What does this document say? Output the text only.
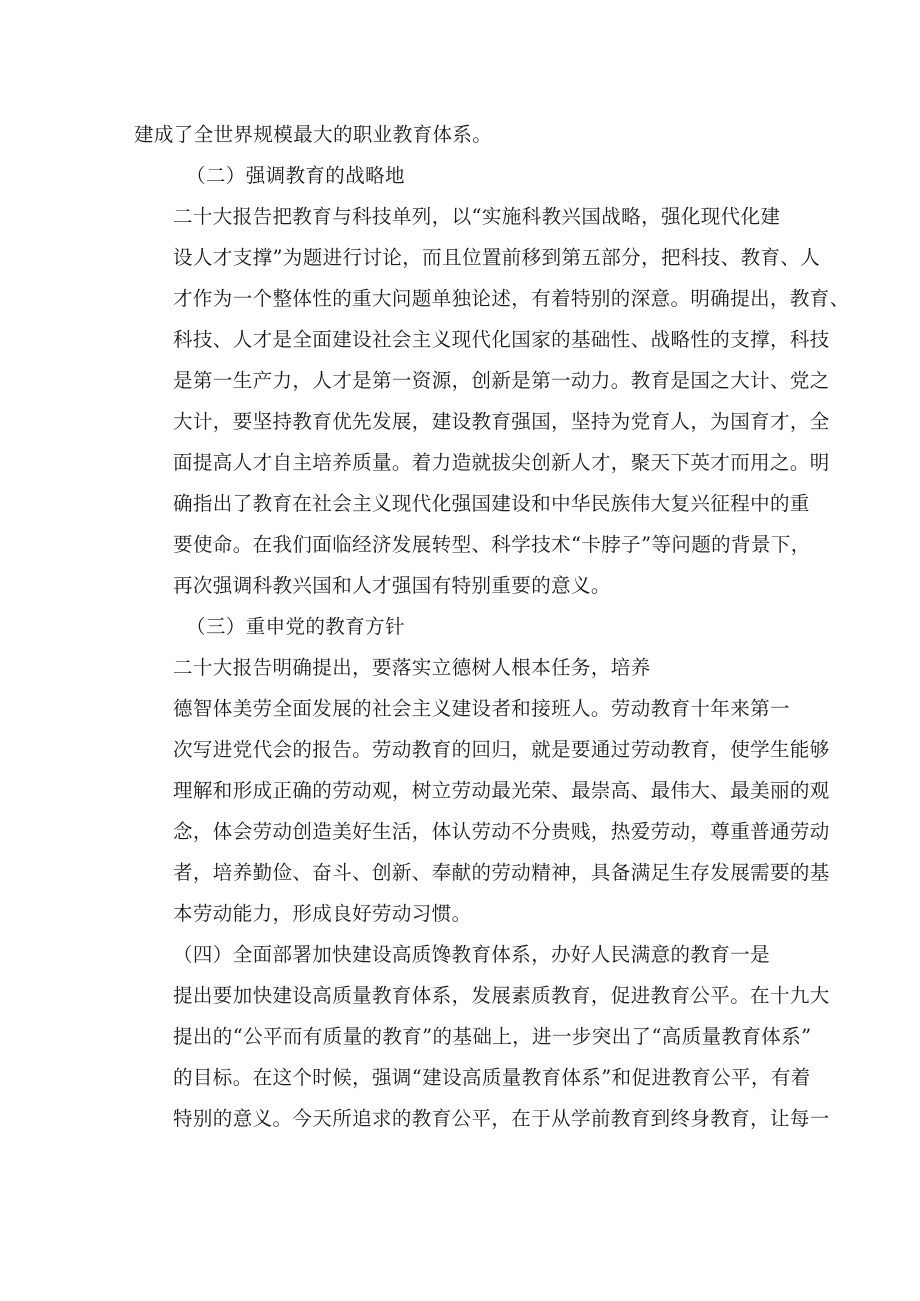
建成了全世界规模最大的职业教育体系。

（二）强调教育的战略地

二十大报告把教育与科技单列，以“实施科教兴国战略，强化现代化建
设人才支撑”为题进行讨论，而且位置前移到第五部分，把科技、教育、人
才作为一个整体性的重大问题单独论述，有着特别的深意。明确提出，教育、
科技、人才是全面建设社会主义现代化国家的基础性、战略性的支撑，科技
是第一生产力，人才是第一资源，创新是第一动力。教育是国之大计、党之
大计，要坚持教育优先发展，建设教育强国，坚持为党育人，为国育才，全
面提高人才自主培养质量。着力造就拔尖创新人才，聚天下英才而用之。明
确指出了教育在社会主义现代化强国建设和中华民族伟大复兴征程中的重
要使命。在我们面临经济发展转型、科学技术“卡脖子”等问题的背景下，
再次强调科教兴国和人才强国有特别重要的意义。

（三）重申党的教育方针

二十大报告明确提出，要落实立德树人根本任务，培养

德智体美劳全面发展的社会主义建设者和接班人。劳动教育十年来第一
次写进党代会的报告。劳动教育的回归，就是要通过劳动教育，使学生能够
理解和形成正确的劳动观，树立劳动最光荣、最崇高、最伟大、最美丽的观
念，体会劳动创造美好生活，体认劳动不分贵贱，热爱劳动，尊重普通劳动
者，培养勤俭、奋斗、创新、奉献的劳动精神，具备满足生存发展需要的基
本劳动能力，形成良好劳动习惯。

（四）全面部署加快建设高质馋教育体系，办好人民满意的教育一是
提出要加快建设高质量教育体系，发展素质教育，促进教育公平。在十九大
提出的“公平而有质量的教育”的基础上，进一步突出了“高质量教育体系”
的目标。在这个时候，强调“建设高质量教育体系”和促进教育公平，有着
特别的意义。今天所追求的教育公平，在于从学前教育到终身教育，让每一
